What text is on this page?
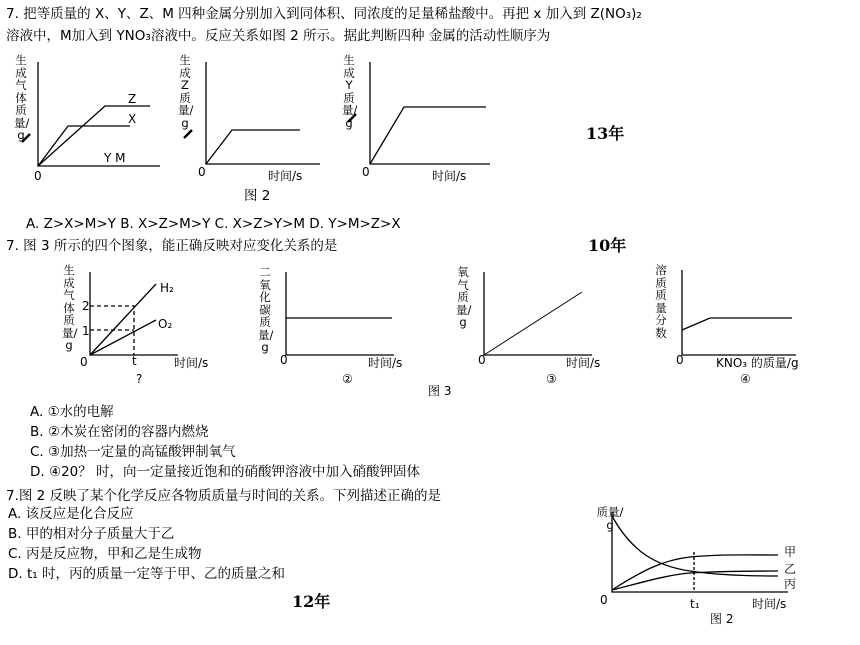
7. 把等质量的 X、Y、Z、M 四种金属分别加入到同体积、同浓度的足量稀盐酸中。再把 x 加入到 Z(NO₃)₂
溶液中，M加入到 YNO₃溶液中。反应关系如图 2 所示。据此判断四种 金属的活动性顺序为
生成气体质量/g
0
Z
X
Y M
生成Z质量/g
0	时间/s
生成Y质量/g
0	时间/s
图 2
13年
A. Z>X>M>Y B. X>Z>M>Y C. X>Z>Y>M D. Y>M>Z>X
7. 图 3 所示的四个图象，能正确反映对应变化关系的是	10年
生成气体质量/g
0
2
1
t	时间/s
H₂
O₂
?
二氧化碳质量/g
0	时间/s
②
氧气质量/g
0	时间/s
③
溶质质量分数
0	KNO₃ 的质量/g
④
图 3
A. ①水的电解
B. ②木炭在密闭的容器内燃烧
C. ③加热一定量的高锰酸钾制氧气
D. ④20？ 时，向一定量接近饱和的硝酸钾溶液中加入硝酸钾固体
7.图 2 反映了某个化学反应各物质质量与时间的关系。下列描述正确的是
A. 该反应是化合反应
B. 甲的相对分子质量大于乙
C. 丙是反应物，甲和乙是生成物
D. t₁ 时，丙的质量一定等于甲、乙的质量之和
12年
质量/g
0	t₁	时间/s
甲
乙
丙
图 2
